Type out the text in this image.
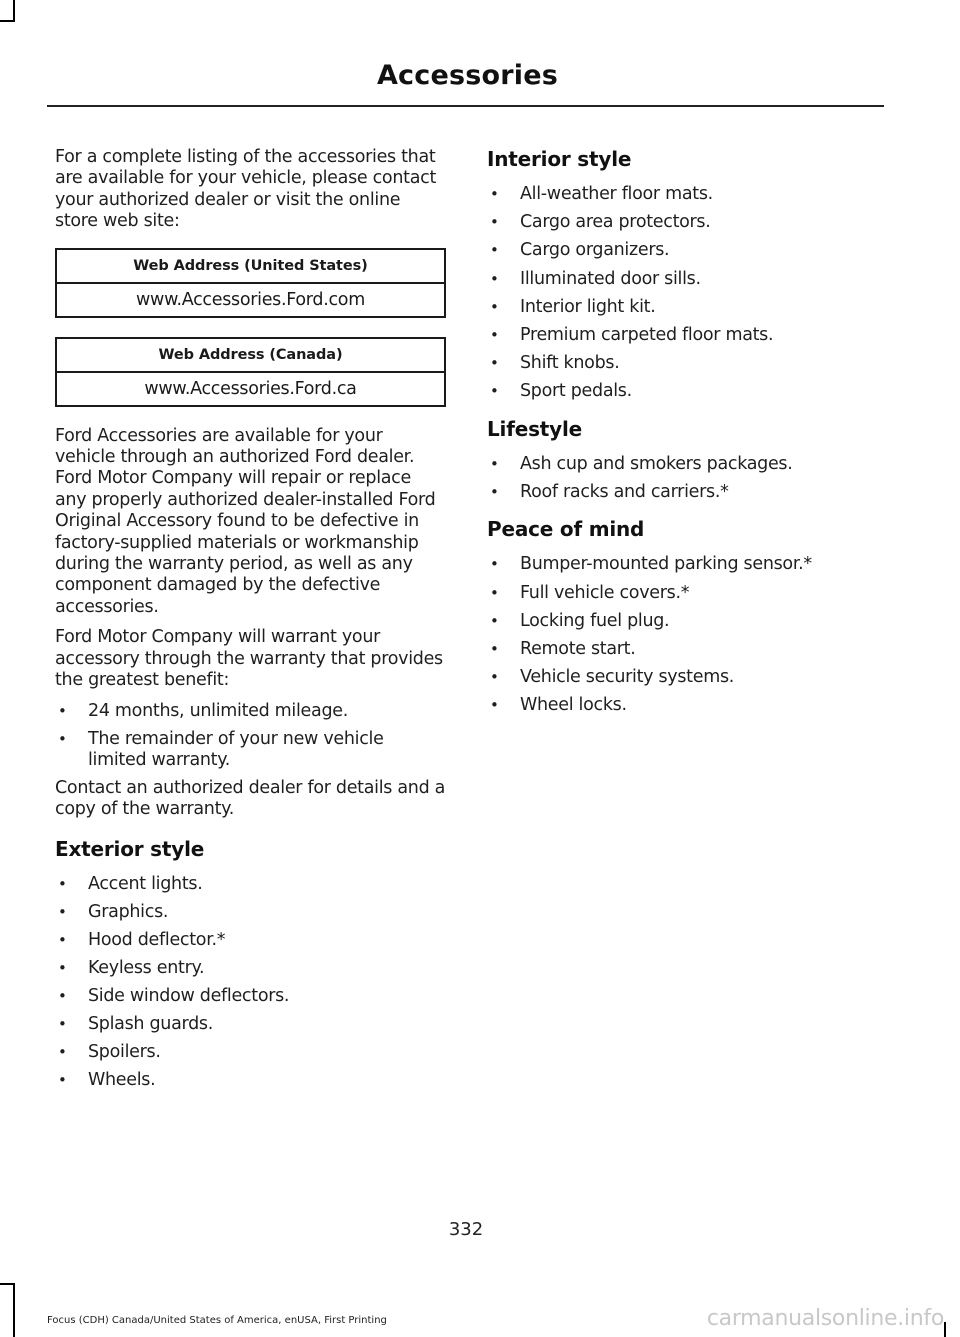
Accessories

For a complete listing of the accessories that are available for your vehicle, please contact your authorized dealer or visit the online store web site:

Web Address (United States)
www.Accessories.Ford.com
Web Address (Canada)
www.Accessories.Ford.ca

Ford Accessories are available for your vehicle through an authorized Ford dealer. Ford Motor Company will repair or replace any properly authorized dealer-installed Ford Original Accessory found to be defective in factory-supplied materials or workmanship during the warranty period, as well as any component damaged by the defective accessories.

Ford Motor Company will warrant your accessory through the warranty that provides the greatest benefit:

• 24 months, unlimited mileage.
• The remainder of your new vehicle limited warranty.

Contact an authorized dealer for details and a copy of the warranty.

Exterior style
• Accent lights.
• Graphics.
• Hood deflector.*
• Keyless entry.
• Side window deflectors.
• Splash guards.
• Spoilers.
• Wheels.
Interior style
• All-weather floor mats.
• Cargo area protectors.
• Cargo organizers.
• Illuminated door sills.
• Interior light kit.
• Premium carpeted floor mats.
• Shift knobs.
• Sport pedals.
Lifestyle
• Ash cup and smokers packages.
• Roof racks and carriers.*
Peace of mind
• Bumper-mounted parking sensor.*
• Full vehicle covers.*
• Locking fuel plug.
• Remote start.
• Vehicle security systems.
• Wheel locks.
332
Focus (CDH) Canada/United States of America, enUSA, First Printing	carmanualsonline.info
